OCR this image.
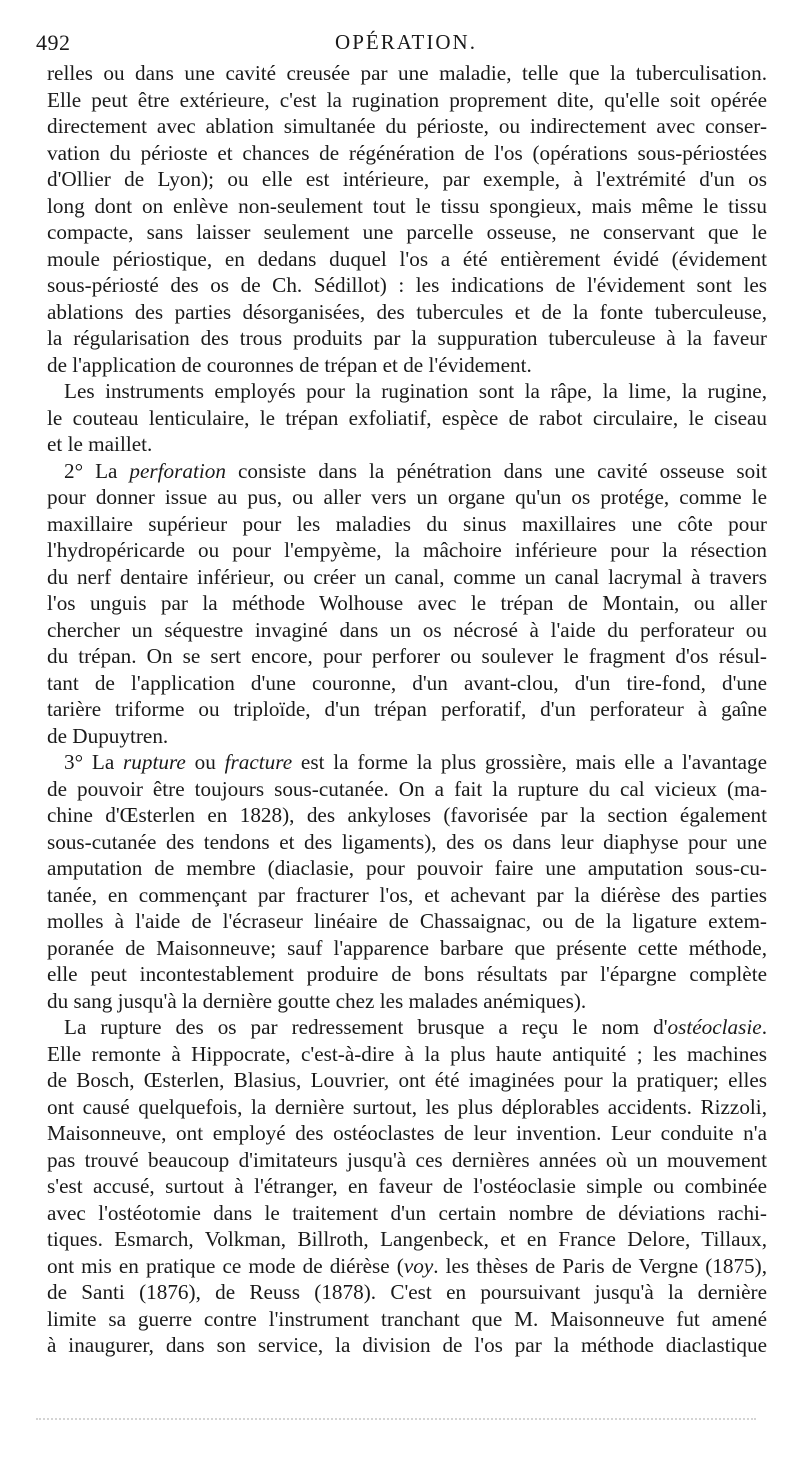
492	OPÉRATION.
relles ou dans une cavité creusée par une maladie, telle que la tuberculisation.
Elle peut être extérieure, c'est la rugination proprement dite, qu'elle soit opérée
directement avec ablation simultanée du périoste, ou indirectement avec conser-
vation du périoste et chances de régénération de l'os (opérations sous-périostées
d'Ollier de Lyon); ou elle est intérieure, par exemple, à l'extrémité d'un os
long dont on enlève non-seulement tout le tissu spongieux, mais même le tissu
compacte, sans laisser seulement une parcelle osseuse, ne conservant que le
moule périostique, en dedans duquel l'os a été entièrement évidé (évidement
sous-périosté des os de Ch. Sédillot) : les indications de l'évidement sont les
ablations des parties désorganisées, des tubercules et de la fonte tuberculeuse,
la régularisation des trous produits par la suppuration tuberculeuse à la faveur
de l'application de couronnes de trépan et de l'évidement.
Les instruments employés pour la rugination sont la râpe, la lime, la rugine,
le couteau lenticulaire, le trépan exfoliatif, espèce de rabot circulaire, le ciseau
et le maillet.
2° La perforation consiste dans la pénétration dans une cavité osseuse soit
pour donner issue au pus, ou aller vers un organe qu'un os protége, comme le
maxillaire supérieur pour les maladies du sinus maxillaires une côte pour
l'hydropéricarde ou pour l'empyème, la mâchoire inférieure pour la résection
du nerf dentaire inférieur, ou créer un canal, comme un canal lacrymal à travers
l'os unguis par la méthode Wolhouse avec le trépan de Montain, ou aller
chercher un séquestre invaginé dans un os nécrosé à l'aide du perforateur ou
du trépan. On se sert encore, pour perforer ou soulever le fragment d'os résul-
tant de l'application d'une couronne, d'un avant-clou, d'un tire-fond, d'une
tarière triforme ou triploïde, d'un trépan perforatif, d'un perforateur à gaîne
de Dupuytren.
3° La rupture ou fracture est la forme la plus grossière, mais elle a l'avantage
de pouvoir être toujours sous-cutanée. On a fait la rupture du cal vicieux (ma-
chine d'Œsterlen en 1828), des ankyloses (favorisée par la section également
sous-cutanée des tendons et des ligaments), des os dans leur diaphyse pour une
amputation de membre (diaclasie, pour pouvoir faire une amputation sous-cu-
tanée, en commençant par fracturer l'os, et achevant par la diérèse des parties
molles à l'aide de l'écraseur linéaire de Chassaignac, ou de la ligature extem-
poranée de Maisonneuve; sauf l'apparence barbare que présente cette méthode,
elle peut incontestablement produire de bons résultats par l'épargne complète
du sang jusqu'à la dernière goutte chez les malades anémiques).
La rupture des os par redressement brusque a reçu le nom d'ostéoclasie.
Elle remonte à Hippocrate, c'est-à-dire à la plus haute antiquité ; les machines
de Bosch, Œsterlen, Blasius, Louvrier, ont été imaginées pour la pratiquer; elles
ont causé quelquefois, la dernière surtout, les plus déplorables accidents. Rizzoli,
Maisonneuve, ont employé des ostéoclastes de leur invention. Leur conduite n'a
pas trouvé beaucoup d'imitateurs jusqu'à ces dernières années où un mouvement
s'est accusé, surtout à l'étranger, en faveur de l'ostéoclasie simple ou combinée
avec l'ostéotomie dans le traitement d'un certain nombre de déviations rachi-
tiques. Esmarch, Volkman, Billroth, Langenbeck, et en France Delore, Tillaux,
ont mis en pratique ce mode de diérèse (voy. les thèses de Paris de Vergne (1875),
de Santi (1876), de Reuss (1878). C'est en poursuivant jusqu'à la dernière
limite sa guerre contre l'instrument tranchant que M. Maisonneuve fut amené
à inaugurer, dans son service, la division de l'os par la méthode diaclastique
